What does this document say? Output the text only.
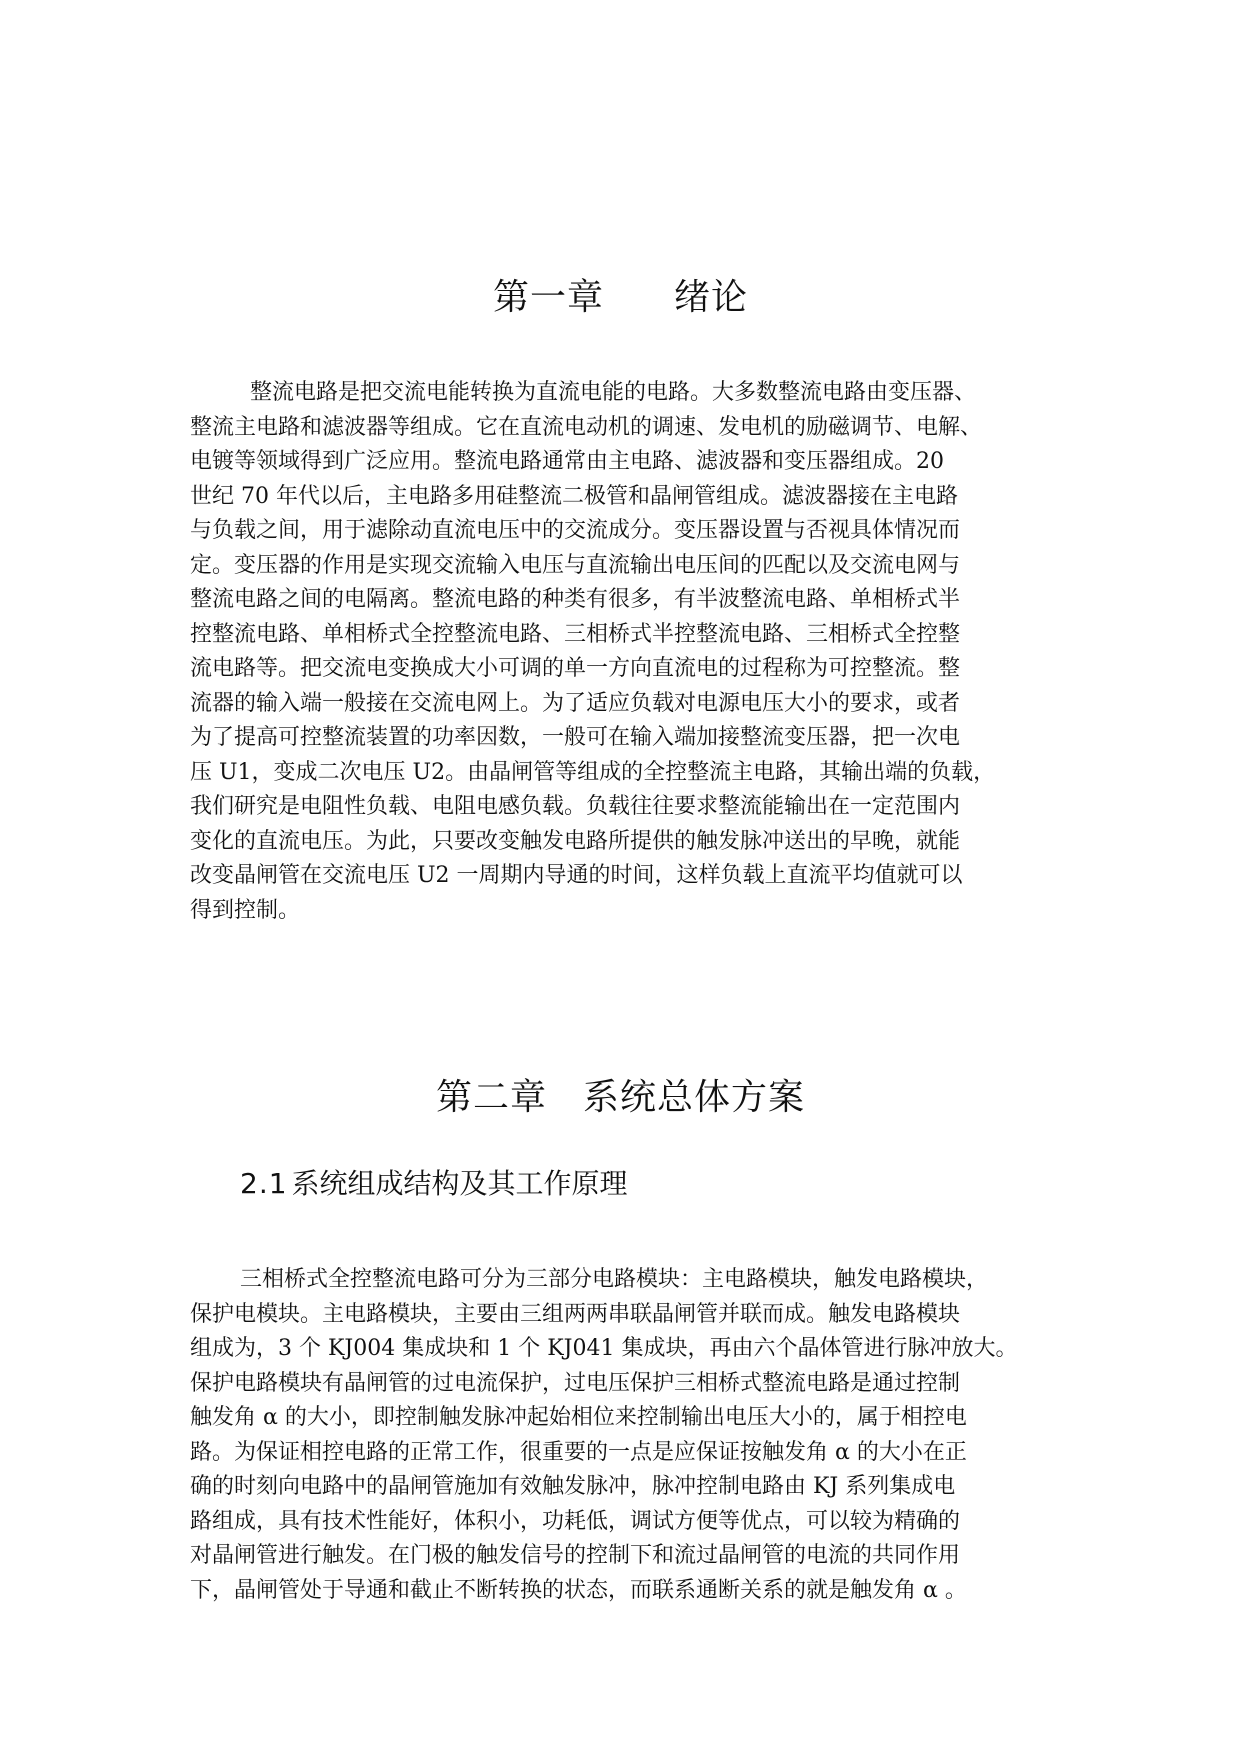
第一章 绪论
整流电路是把交流电能转换为直流电能的电路。大多数整流电路由变压器、
整流主电路和滤波器等组成。它在直流电动机的调速、发电机的励磁调节、电解、
电镀等领域得到广泛应用。整流电路通常由主电路、滤波器和变压器组成。20
世纪 70 年代以后，主电路多用硅整流二极管和晶闸管组成。滤波器接在主电路
与负载之间，用于滤除动直流电压中的交流成分。变压器设置与否视具体情况而
定。变压器的作用是实现交流输入电压与直流输出电压间的匹配以及交流电网与
整流电路之间的电隔离。整流电路的种类有很多，有半波整流电路、单相桥式半
控整流电路、单相桥式全控整流电路、三相桥式半控整流电路、三相桥式全控整
流电路等。把交流电变换成大小可调的单一方向直流电的过程称为可控整流。整
流器的输入端一般接在交流电网上。为了适应负载对电源电压大小的要求，或者
为了提高可控整流装置的功率因数，一般可在输入端加接整流变压器，把一次电
压 U1，变成二次电压 U2。由晶闸管等组成的全控整流主电路，其输出端的负载，
我们研究是电阻性负载、电阻电感负载。负载往往要求整流能输出在一定范围内
变化的直流电压。为此，只要改变触发电路所提供的触发脉冲送出的早晚，就能
改变晶闸管在交流电压 U2 一周期内导通的时间，这样负载上直流平均值就可以
得到控制。
第二章 系统总体方案
2.1 系统组成结构及其工作原理
三相桥式全控整流电路可分为三部分电路模块：主电路模块，触发电路模块，
保护电模块。主电路模块，主要由三组两两串联晶闸管并联而成。触发电路模块
组成为，3 个 KJ004 集成块和 1 个 KJ041 集成块，再由六个晶体管进行脉冲放大。
保护电路模块有晶闸管的过电流保护，过电压保护三相桥式整流电路是通过控制
触发角 α 的大小，即控制触发脉冲起始相位来控制输出电压大小的，属于相控电
路。为保证相控电路的正常工作，很重要的一点是应保证按触发角 α 的大小在正
确的时刻向电路中的晶闸管施加有效触发脉冲，脉冲控制电路由 KJ 系列集成电
路组成，具有技术性能好，体积小，功耗低，调试方便等优点，可以较为精确的
对晶闸管进行触发。在门极的触发信号的控制下和流过晶闸管的电流的共同作用
下，晶闸管处于导通和截止不断转换的状态，而联系通断关系的就是触发角 α 。
